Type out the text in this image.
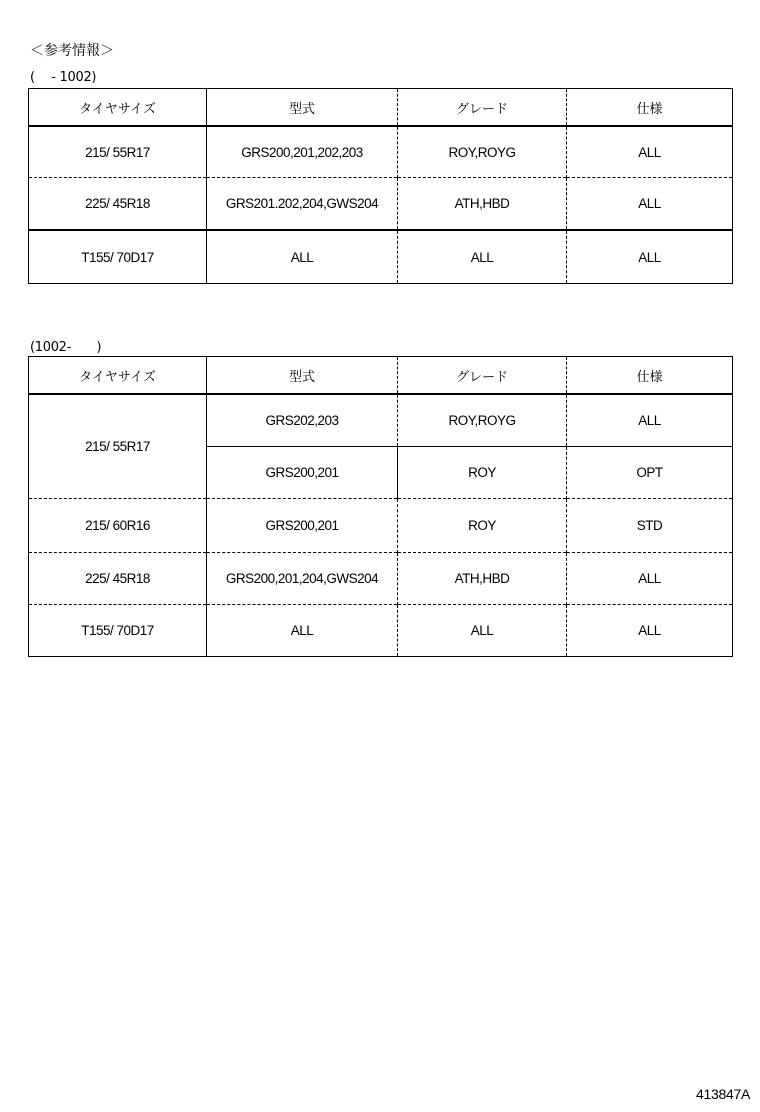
＜参考情報＞
(　 - 1002)
タイヤサイズ	型式	グレード	仕様
215/ 55R17	GRS200,201,202,203	ROY,ROYG	ALL
225/ 45R18	GRS201.202,204,GWS204	ATH,HBD	ALL
T155/ 70D17	ALL	ALL	ALL
(1002-　　)
タイヤサイズ	型式	グレード	仕様
215/ 55R17	GRS202,203	ROY,ROYG	ALL
	GRS200,201	ROY	OPT
215/ 60R16	GRS200,201	ROY	STD
225/ 45R18	GRS200,201,204,GWS204	ATH,HBD	ALL
T155/ 70D17	ALL	ALL	ALL
413847A
